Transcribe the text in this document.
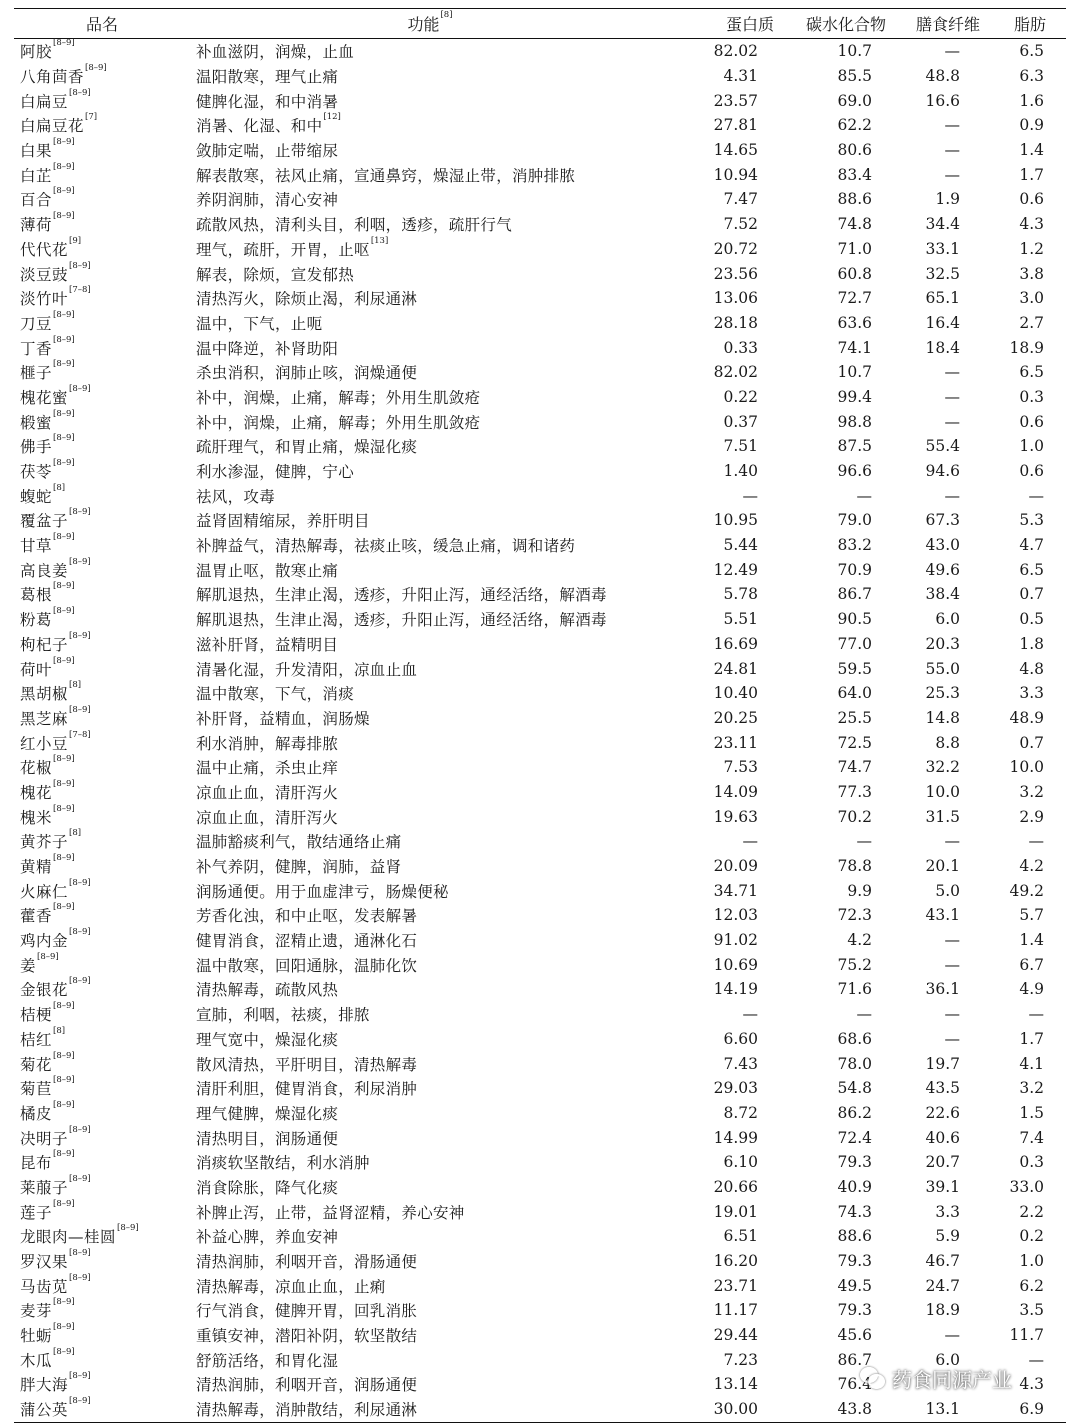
品名	功能[8]	蛋白质	碳水化合物	膳食纤维	脂肪
阿胶[8–9]	补血滋阴，润燥，止血	82.02	10.7	—	6.5
八角茴香[8–9]	温阳散寒，理气止痛	4.31	85.5	48.8	6.3
白扁豆[8–9]	健脾化湿，和中消暑	23.57	69.0	16.6	1.6
白扁豆花[7]	消暑、化湿、和中[12]	27.81	62.2	—	0.9
白果[8–9]	敛肺定喘，止带缩尿	14.65	80.6	—	1.4
白芷[8–9]	解表散寒，祛风止痛，宣通鼻窍，燥湿止带，消肿排脓	10.94	83.4	—	1.7
百合[8–9]	养阴润肺，清心安神	7.47	88.6	1.9	0.6
薄荷[8–9]	疏散风热，清利头目，利咽，透疹，疏肝行气	7.52	74.8	34.4	4.3
代代花[9]	理气，疏肝，开胃，止呕[13]	20.72	71.0	33.1	1.2
淡豆豉[8–9]	解表，除烦，宣发郁热	23.56	60.8	32.5	3.8
淡竹叶[7–8]	清热泻火，除烦止渴，利尿通淋	13.06	72.7	65.1	3.0
刀豆[8–9]	温中，下气，止呃	28.18	63.6	16.4	2.7
丁香[8–9]	温中降逆，补肾助阳	0.33	74.1	18.4	18.9
榧子[8–9]	杀虫消积，润肺止咳，润燥通便	82.02	10.7	—	6.5
槐花蜜[8–9]	补中，润燥，止痛，解毒；外用生肌敛疮	0.22	99.4	—	0.3
椴蜜[8–9]	补中，润燥，止痛，解毒；外用生肌敛疮	0.37	98.8	—	0.6
佛手[8–9]	疏肝理气，和胃止痛，燥湿化痰	7.51	87.5	55.4	1.0
茯苓[8–9]	利水渗湿，健脾，宁心	1.40	96.6	94.6	0.6
蝮蛇[8]	祛风，攻毒	—	—	—	—
覆盆子[8–9]	益肾固精缩尿，养肝明目	10.95	79.0	67.3	5.3
甘草[8–9]	补脾益气，清热解毒，祛痰止咳，缓急止痛，调和诸药	5.44	83.2	43.0	4.7
高良姜[8–9]	温胃止呕，散寒止痛	12.49	70.9	49.6	6.5
葛根[8–9]	解肌退热，生津止渴，透疹，升阳止泻，通经活络，解酒毒	5.78	86.7	38.4	0.7
粉葛[8–9]	解肌退热，生津止渴，透疹，升阳止泻，通经活络，解酒毒	5.51	90.5	6.0	0.5
枸杞子[8–9]	滋补肝肾，益精明目	16.69	77.0	20.3	1.8
荷叶[8–9]	清暑化湿，升发清阳，凉血止血	24.81	59.5	55.0	4.8
黑胡椒[8]	温中散寒，下气，消痰	10.40	64.0	25.3	3.3
黑芝麻[8–9]	补肝肾，益精血，润肠燥	20.25	25.5	14.8	48.9
红小豆[7–8]	利水消肿，解毒排脓	23.11	72.5	8.8	0.7
花椒[8–9]	温中止痛，杀虫止痒	7.53	74.7	32.2	10.0
槐花[8–9]	凉血止血，清肝泻火	14.09	77.3	10.0	3.2
槐米[8–9]	凉血止血，清肝泻火	19.63	70.2	31.5	2.9
黄芥子[8]	温肺豁痰利气，散结通络止痛	—	—	—	—
黄精[8–9]	补气养阴，健脾，润肺，益肾	20.09	78.8	20.1	4.2
火麻仁[8–9]	润肠通便。用于血虚津亏，肠燥便秘	34.71	9.9	5.0	49.2
藿香[8–9]	芳香化浊，和中止呕，发表解暑	12.03	72.3	43.1	5.7
鸡内金[8–9]	健胃消食，涩精止遗，通淋化石	91.02	4.2	—	1.4
姜[8–9]	温中散寒，回阳通脉，温肺化饮	10.69	75.2	—	6.7
金银花[8–9]	清热解毒，疏散风热	14.19	71.6	36.1	4.9
桔梗[8–9]	宣肺，利咽，祛痰，排脓	—	—	—	—
桔红[8]	理气宽中，燥湿化痰	6.60	68.6	—	1.7
菊花[8–9]	散风清热，平肝明目，清热解毒	7.43	78.0	19.7	4.1
菊苣[8–9]	清肝利胆，健胃消食，利尿消肿	29.03	54.8	43.5	3.2
橘皮[8–9]	理气健脾，燥湿化痰	8.72	86.2	22.6	1.5
决明子[8–9]	清热明目，润肠通便	14.99	72.4	40.6	7.4
昆布[8–9]	消痰软坚散结，利水消肿	6.10	79.3	20.7	0.3
莱菔子[8–9]	消食除胀，降气化痰	20.66	40.9	39.1	33.0
莲子[8–9]	补脾止泻，止带，益肾涩精，养心安神	19.01	74.3	3.3	2.2
龙眼肉—桂圆[8–9]	补益心脾，养血安神	6.51	88.6	5.9	0.2
罗汉果[8–9]	清热润肺，利咽开音，滑肠通便	16.20	79.3	46.7	1.0
马齿苋[8–9]	清热解毒，凉血止血，止痢	23.71	49.5	24.7	6.2
麦芽[8–9]	行气消食，健脾开胃，回乳消胀	11.17	79.3	18.9	3.5
牡蛎[8–9]	重镇安神，潜阳补阴，软坚散结	29.44	45.6	—	11.7
木瓜[8–9]	舒筋活络，和胃化湿	7.23	86.7	6.0	—
胖大海[8–9]	清热润肺，利咽开音，润肠通便	13.14	76.4		4.3
蒲公英[8–9]	清热解毒，消肿散结，利尿通淋	30.00	43.8	13.1	6.9
药食同源产业
